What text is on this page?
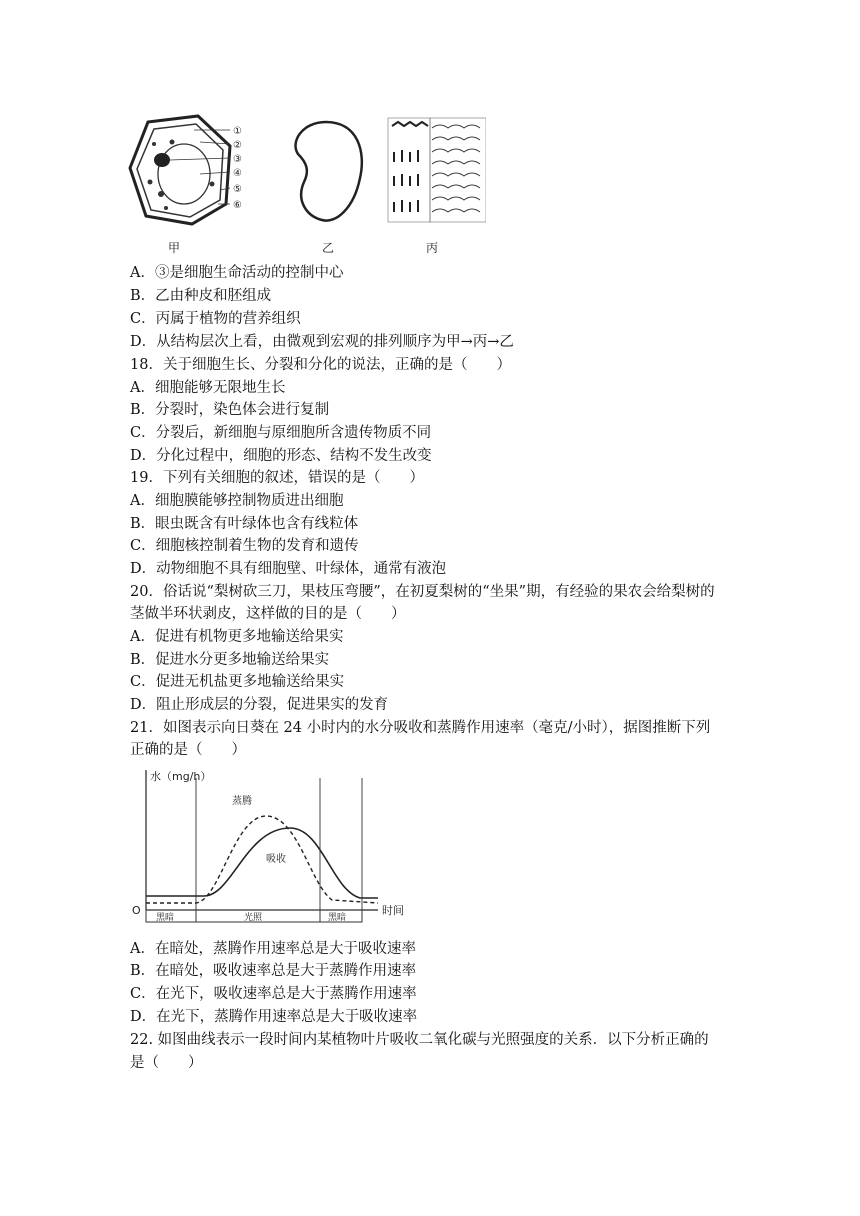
①
②
③
④
⑤
⑥
甲	乙	丙
A．③是细胞生命活动的控制中心
B．乙由种皮和胚组成
C．丙属于植物的营养组织
D．从结构层次上看，由微观到宏观的排列顺序为甲→丙→乙
18．关于细胞生长、分裂和分化的说法，正确的是（　　）
A．细胞能够无限地生长
B．分裂时，染色体会进行复制
C．分裂后，新细胞与原细胞所含遗传物质不同
D．分化过程中，细胞的形态、结构不发生改变
19．下列有关细胞的叙述，错误的是（　　）
A．细胞膜能够控制物质进出细胞
B．眼虫既含有叶绿体也含有线粒体
C．细胞核控制着生物的发育和遗传
D．动物细胞不具有细胞壁、叶绿体，通常有液泡
20．俗话说“梨树砍三刀，果枝压弯腰”，在初夏梨树的“坐果”期，有经验的果农会给梨树的
茎做半环状剥皮，这样做的目的是（　　）
A．促进有机物更多地输送给果实
B．促进水分更多地输送给果实
C．促进无机盐更多地输送给果实
D．阻止形成层的分裂，促进果实的发育
21．如图表示向日葵在 24 小时内的水分吸收和蒸腾作用速率（毫克/小时），据图推断下列
正确的是（　　）
水（mg/h）
O	时间
黑暗	光照	黑暗
蒸腾
吸收
A．在暗处，蒸腾作用速率总是大于吸收速率
B．在暗处，吸收速率总是大于蒸腾作用速率
C．在光下，吸收速率总是大于蒸腾作用速率
D．在光下，蒸腾作用速率总是大于吸收速率
22. 如图曲线表示一段时间内某植物叶片吸收二氧化碳与光照强度的关系．以下分析正确的
是（　　）
